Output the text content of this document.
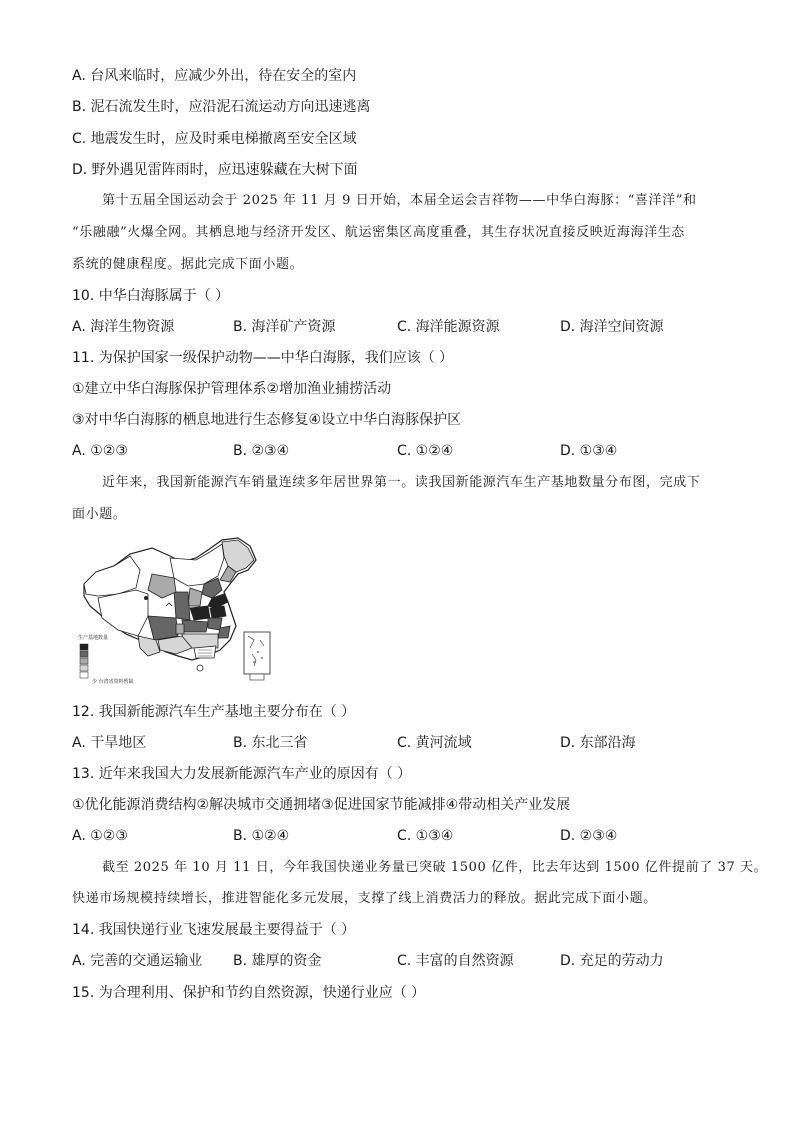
A. 台风来临时，应减少外出，待在安全的室内
B. 泥石流发生时，应沿泥石流运动方向迅速逃离
C. 地震发生时，应及时乘电梯撤离至安全区域
D. 野外遇见雷阵雨时，应迅速躲藏在大树下面
第十五届全国运动会于 2025 年 11 月 9 日开始，本届全运会吉祥物——中华白海豚：“喜洋洋”和
“乐融融”火爆全网。其栖息地与经济开发区、航运密集区高度重叠，其生存状况直接反映近海海洋生态
系统的健康程度。据此完成下面小题。
10. 中华白海豚属于（ ）
A. 海洋生物资源	B. 海洋矿产资源	C. 海洋能源资源	D. 海洋空间资源
11. 为保护国家一级保护动物——中华白海豚，我们应该（ ）
①建立中华白海豚保护管理体系②增加渔业捕捞活动
③对中华白海豚的栖息地进行生态修复④设立中华白海豚保护区
A. ①②③	B. ②③④	C. ①②④	D. ①③④
近年来，我国新能源汽车销量连续多年居世界第一。读我国新能源汽车生产基地数量分布图，完成下
面小题。
生产基地数量
少 台湾省资料暂缺
12. 我国新能源汽车生产基地主要分布在（ ）
A. 干旱地区	B. 东北三省	C. 黄河流域	D. 东部沿海
13. 近年来我国大力发展新能源汽车产业的原因有（ ）
①优化能源消费结构②解决城市交通拥堵③促进国家节能减排④带动相关产业发展
A. ①②③	B. ①②④	C. ①③④	D. ②③④
截至 2025 年 10 月 11 日，今年我国快递业务量已突破 1500 亿件，比去年达到 1500 亿件提前了 37 天。
快递市场规模持续增长，推进智能化多元发展，支撑了线上消费活力的释放。据此完成下面小题。
14. 我国快递行业飞速发展最主要得益于（ ）
A. 完善的交通运输业 B. 雄厚的资金	C. 丰富的自然资源	D. 充足的劳动力
15. 为合理利用、保护和节约自然资源，快递行业应（ ）
